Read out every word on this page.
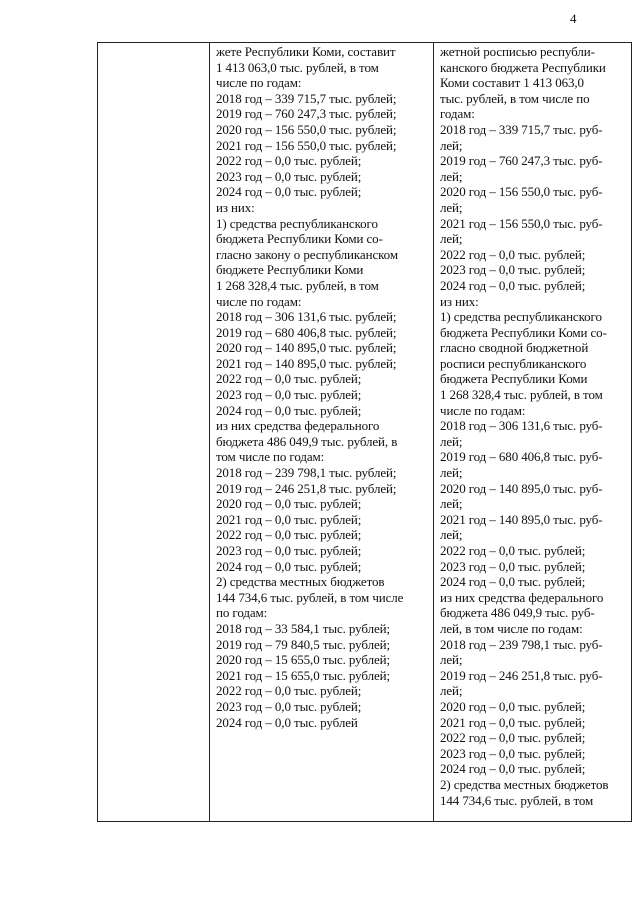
4
жете Республики Коми, составит
1 413 063,0 тыс. рублей, в том
числе по годам:
2018 год – 339 715,7 тыс. рублей;
2019 год – 760 247,3 тыс. рублей;
2020 год – 156 550,0 тыс. рублей;
2021 год – 156 550,0 тыс. рублей;
2022 год – 0,0 тыс. рублей;
2023 год – 0,0 тыс. рублей;
2024 год – 0,0 тыс. рублей;
из них:
1) средства республиканского
бюджета Республики Коми со-
гласно закону о республиканском
бюджете Республики Коми
1 268 328,4 тыс. рублей, в том
числе по годам:
2018 год – 306 131,6 тыс. рублей;
2019 год – 680 406,8 тыс. рублей;
2020 год – 140 895,0 тыс. рублей;
2021 год – 140 895,0 тыс. рублей;
2022 год – 0,0 тыс. рублей;
2023 год – 0,0 тыс. рублей;
2024 год – 0,0 тыс. рублей;
из них средства федерального
бюджета 486 049,9 тыс. рублей, в
том числе по годам:
2018 год – 239 798,1 тыс. рублей;
2019 год – 246 251,8 тыс. рублей;
2020 год – 0,0 тыс. рублей;
2021 год – 0,0 тыс. рублей;
2022 год – 0,0 тыс. рублей;
2023 год – 0,0 тыс. рублей;
2024 год – 0,0 тыс. рублей;
2) средства местных бюджетов
144 734,6 тыс. рублей, в том числе
по годам:
2018 год – 33 584,1 тыс. рублей;
2019 год – 79 840,5 тыс. рублей;
2020 год – 15 655,0 тыс. рублей;
2021 год – 15 655,0 тыс. рублей;
2022 год – 0,0 тыс. рублей;
2023 год – 0,0 тыс. рублей;
2024 год – 0,0 тыс. рублей
жетной росписью республи-
канского бюджета Республики
Коми составит 1 413 063,0
тыс. рублей, в том числе по
годам:
2018 год – 339 715,7 тыс. руб-
лей;
2019 год – 760 247,3 тыс. руб-
лей;
2020 год – 156 550,0 тыс. руб-
лей;
2021 год – 156 550,0 тыс. руб-
лей;
2022 год – 0,0 тыс. рублей;
2023 год – 0,0 тыс. рублей;
2024 год – 0,0 тыс. рублей;
из них:
1) средства республиканского
бюджета Республики Коми со-
гласно сводной бюджетной
росписи республиканского
бюджета Республики Коми
1 268 328,4 тыс. рублей, в том
числе по годам:
2018 год – 306 131,6 тыс. руб-
лей;
2019 год – 680 406,8 тыс. руб-
лей;
2020 год – 140 895,0 тыс. руб-
лей;
2021 год – 140 895,0 тыс. руб-
лей;
2022 год – 0,0 тыс. рублей;
2023 год – 0,0 тыс. рублей;
2024 год – 0,0 тыс. рублей;
из них средства федерального
бюджета 486 049,9 тыс. руб-
лей, в том числе по годам:
2018 год – 239 798,1 тыс. руб-
лей;
2019 год – 246 251,8 тыс. руб-
лей;
2020 год – 0,0 тыс. рублей;
2021 год – 0,0 тыс. рублей;
2022 год – 0,0 тыс. рублей;
2023 год – 0,0 тыс. рублей;
2024 год – 0,0 тыс. рублей;
2) средства местных бюджетов
144 734,6 тыс. рублей, в том
